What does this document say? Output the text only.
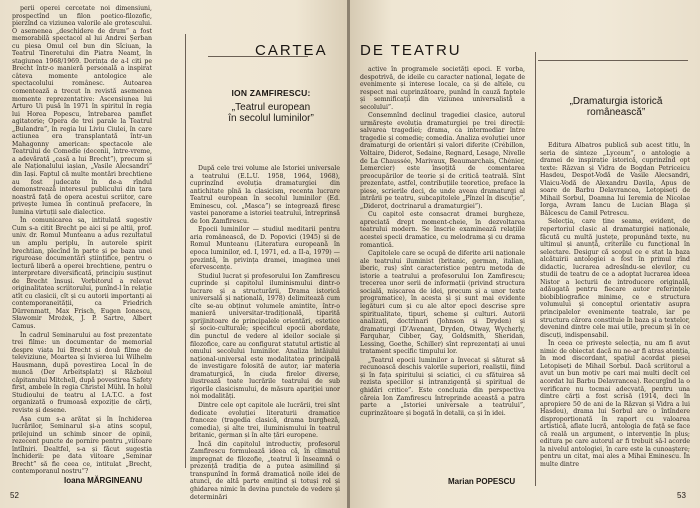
perii operei cercetate noi dimensiuni, prospectînd un filon poetico-filozofic, pierzînd ca viziunea valorile ale grotescului. O asemenea „deschidere de drum” a fost memorabilă spectacol al lui Andrei Șerban cu piesa Omul cel bun din Sîciuan, la Teatrul Tineretului din Piatra Neamț, în stagiunea 1968/1969. Dorința de a-l citi pe Brecht într-o manieră personală a inspirat câteva momente antologice ale spectacolului românesc. Autoarea comentează a trecut în revistă asemenea momente reprezentative: Ascensiunea lui Arturo Ui pusă în 1971 în spiritul în regia lui Horea Popescu, întrebarea pamflet agitatorie; Opera de trei parale la Teatrul „Bulandra”, în regia lui Liviu Ciulei, în care actiunea era transplantată într-un Mahagonny american: spectacole ale Teatrului de Comedie (decenii, între-vreme, a adevărată „casă a lui Brecht”), precum și ale Naționalului iașian, „Vasile Alecsandri” din Iași. Faptul că multe montări brechtiene au fost judecate în de-a rîndul demonstrează interesul publicului din țara noastră față de opera acestui scriitor, care privește lumea în continuă prefacere, în lumina virtuții sale dialectice.

În comunicarea sa, intitulată sugestiv Cum s-a citit Brecht pe aici și pe altii, prof. univ. dr. Romul Munteanu a adus rezultatul un amplu periplu, în autorele spirit brechtian, plecînd în parte și pe baza unei riguroase documentări științifice, pentru o lectură liberă a operei brechtiene, pentru o interpretare diversificată, principiu susținut de Brecht însuși. Vorbitorul a relevat originalitatea scriitorului, punînd-l în relație atît cu clasicii, cît și cu autorii importanți ai contemporaneității, ca Friedrich Dürrenmatt, Max Frisch, Eugen Ionescu, Sławomir Mrożek, J. P. Sartre, Albert Camus.

În cadrul Seminarului au fost prezentate trei filme: un documentar de memorial despre viața lui Brecht și două filme de televiziune, Moartea și învierea lui Wilhelm Hausmann, după povestirea Local în de muncă (Der Arbeitsplatz) și Războiul căpitanului Mitchell, după povestirea Safety first, ambele în regia Christel Mühl. În holul Studioului de teatru al I.A.T.C. a fost organizată o frumoasă expoziție de cărți, reviste și desene.

Așa cum s-a arătat și în închiderea lucrărilor, Seminarul și-a atins scopul, prilejuind un schimb sincer de opinii, rezecent puncte de pornire pentru „viitoare întîlniri. Dealtfel, s-a și făcut sugestia închiderii: pe data viitoare „Seminar Brecht” să fie ceea ce, intitulat „Brecht, contemporanul nostru”?

Ioana MĂRGINEANU
52
ION ZAMFIRESCU:
„Teatrul european
în secolul luminilor”

După cele trei volume ale Istoriei universale a teatrului (E.L.U. 1958, 1964, 1968), cuprinzînd evoluția dramaturgiei din antichitate pînă la clasicism, recenta lucrare Teatrul european în secolul luminilor (Ed. Eminescu, col. „Masca”) se integrează firesc vastei panorame a istoriei teatrului, întreprinsă de Ion Zamfirescu.

Epocii luminilor — studiul meditarii pentru aria românească, de D. Popovici (1945) și de Romul Munteanu (Literatura europeană în epoca luminilor, ed. I, 1971, ed. a II-a, 1979) — prezintă, în privința dramei, imaginea unei efervescențe.

Studiul lucrat și profesorului Ion Zamfirescu cuprinde și capitolul iluminismului dintr-o lucrare și a structurării, Drama istorică universală și națională, 1978) delimitează cum cîte se-au obținut volumele amintite, într-o manieră universitar-tradițională, tiparită sprijinitoare de principalele orientări, estetice și socio-culturale; specificul epocii abordate, din punctul de vedere al ideilor sociale și filozofice, care au configurat statutul artistic al omului secolului luminilor. Analiza întăiului național-universal este modalitatea principală de investigare folosită de autor, iar materia dramaturgică, în ciuda firelor diverse, ilustrează toate lucrările teatrului de sub rigorile clasicismului, de măsura apariției unor noi modalități.

Dintre cele opt capitole ale lucrării, trei sînt dedicate evoluției literaturii dramatice franceze (tragedia clasică, drama burgheză, comedia), și alte trei, iluminismului în teatrul britanic, german și în alte țări europene.

Încă din capitolul introductiv, profesorul Zamfirescu formulează ideea că, în climatul impregnat de filozofie, „teatrul îi înseamnă o prezență tradiția de a putea asimilind și transpunînd în formă dramatică noile idei de atunci, de altă parte emițind și totuși rol și ghidarea nimic în devina punctele de vedere și determinări

CARTEA DE TEATRU

active în programele societăți epoci. E vorba, despotrivă, de ideile cu caracter național, legate de evenimente și interese locale, ca și de altele, cu respect mai cuprinzătoare, punînd în cauză faptele și semnificații din viziunea universalistă a secolului”.

Consemnînd declinul tragediei clasice, autorul urmărește evoluția dramaturgiei pe trei direcții: salvarea tragediei; drama, ca intermediar între tragedie și comedie; comedia. Analiza evoluției unor dramaturgi de orientări și valori diferite (Crébillon, Voltaire, Diderot, Sedaine, Regnard, Lesage, Nivelle de La Chaussée, Marivaux, Beaumarchais, Chénier, Lemercier) este însoțită de comentarea preocupărilor de teorie și de critică teatrală. Sînt prezentate, astfel, contribuțiile teoretice, preface la piese, scrierile deci, de unde aveau dramaturgi al intrării pe teatru, subcapitolele „Pînzel în discuție”, „Diderot, doctrinarul a dramaturgiei”).

Cu capitol este consacrat dramei burgheze, apreciată drept moment-cheie, în dezvoltarea teatrului modern. Se înscrie examinează relațiile acestei specii dramatice, cu melodrama și cu drama romantică.

Capitolele care se ocupă de diferite arii naționale ale teatrului iluminist (britanic, german, italian, iberic, rus) sînt caracteristice pentru metoda de istorie a teatrului a profesorului Ion Zamfirescu; trecerea unor serii de informații (privind structura socială, mișcarea de idei, precum și a unor texte programatice), în acesta și și sunt mai evidente legături cum și cu ale altor epoci descrise spre spiritualitate, tipuri, scheme și culturi. Autorii analizați, doctrinari (Johnson și Dryden) și dramaturgi (D’Avenant, Dryden, Otway, Wycherly, Farquhar, Cibber, Gay, Goldsmith, Sheridan, Lessing, Goethe, Schiller) sînt reprezentați ai unui tratament specific timpului lor.

„Teatrul epocii luminilor a învecat și săturat să recunoască deschis valorile superiori, realiștii, fiind și în fața spiritului și sciatici, ci cu sfătuirea să rezista speciilor și intranzigență și spiritual de ghidări critice”. Este concluzia din perspectiva căreia Ion Zamfirescu întreprinde această a patra parte a „Istoriei universale a teatrului”, cuprinzătoare și bogată în detalii, ca și în idei.

Marian POPESCU
„Dramaturgia istorică
românească”

Editura Albatros publică sub acest titlu, în seria de sinteze „Lyceum”, o antologie a dramei de inspirație istorică, cuprinzînd opt texte: Răzvan și Vidra de Bogdan Petriceicu Hasdeu, Despot-Vodă de Vasile Alecsandri, Vlaicu-Vodă de Alexandru Davila, Apus de soare de Barbu Delavrancea, Letopiseți de Mihail Sorbul, Doamna lui Ieremia de Nicolae Iorga, Avram Iancu de Lucian Blaga și Bălcescu de Camil Petrescu.

Selecția, care ține seama, evident, de repertoriul clasic al dramaturgiei naționale, făcută cu multă justețe, propunând texte, nu ultimul și anunță, criteriile cu funcțional în selectare. Desigur că scopul ce e stat la baza alcătuirii antologiei a fost în primul rînd didactic, lucrarea adresîndu-se elevilor, cu studii de teatru de ce a adoptat lucrarea ideea Nistor a lecturii de introducere originală, adăugată pentru fiecare autor referințele biobibliografice minime, ce e structura volumului și conceptul orientativ asupra principalelor evenimente teatrale, iar pe structura cărora constituie în baza și a textelor, devenind dintre cele mai utile, precum și în ce discuți, indispensabil.

În ceea ce privește selecția, nu am fi avut nimic de obiectat dacă nu ne-ar fi atras atenția, în mod discordant, spațiul acordat piesei Letopiseți de Mihail Sorbul. Dacă scriitorul a avut un bun motiv pe cari mai multi decît cel acordat lui Barbu Delavrancea). Recurgînd la o verificare nu tocmai adecvată, pentru una dintre cărți a fost scrisă (1914, deci în apropiere 50 de ani de la Răzvan și Vidra a lui Hasdeu), drama lui Sorbul are o întîndere disproporționată în raport cu valoarea artistică, aflate lucră, antologia de față se face că reală un argument, o intervenție în plus; editura pe care autorul ar fi trebuit să-l acorde la nivelul antologiei, în care este la cunoaștere; pentru un citat, mai ales a Mihai Eminescu. În multe dintre

53
